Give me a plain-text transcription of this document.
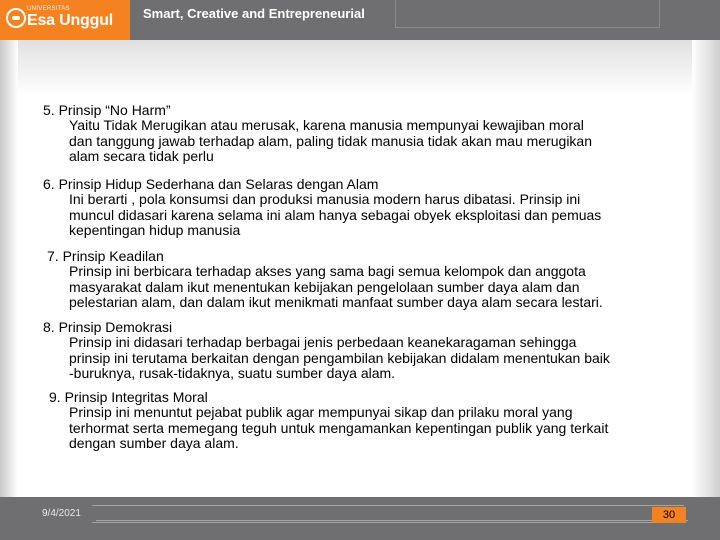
UNIVERSITAS
Esa Unggul Smart, Creative and Entrepreneurial
5. Prinsip “No Harm”
Yaitu Tidak Merugikan atau merusak, karena manusia mempunyai kewajiban moral
dan tanggung jawab terhadap alam, paling tidak manusia tidak akan mau merugikan
alam secara tidak perlu
6. Prinsip Hidup Sederhana dan Selaras dengan Alam
Ini berarti , pola konsumsi dan produksi manusia modern harus dibatasi. Prinsip ini
muncul didasari karena selama ini alam hanya sebagai obyek eksploitasi dan pemuas
kepentingan hidup manusia
7. Prinsip Keadilan
Prinsip ini berbicara terhadap akses yang sama bagi semua kelompok dan anggota
masyarakat dalam ikut menentukan kebijakan pengelolaan sumber daya alam dan
pelestarian alam, dan dalam ikut menikmati manfaat sumber daya alam secara lestari.
8. Prinsip Demokrasi
Prinsip ini didasari terhadap berbagai jenis perbedaan keanekaragaman sehingga
prinsip ini terutama berkaitan dengan pengambilan kebijakan didalam menentukan baik
-buruknya, rusak-tidaknya, suatu sumber daya alam.
9. Prinsip Integritas Moral
Prinsip ini menuntut pejabat publik agar mempunyai sikap dan prilaku moral yang
terhormat serta memegang teguh untuk mengamankan kepentingan publik yang terkait
dengan sumber daya alam.
9/4/2021	30
